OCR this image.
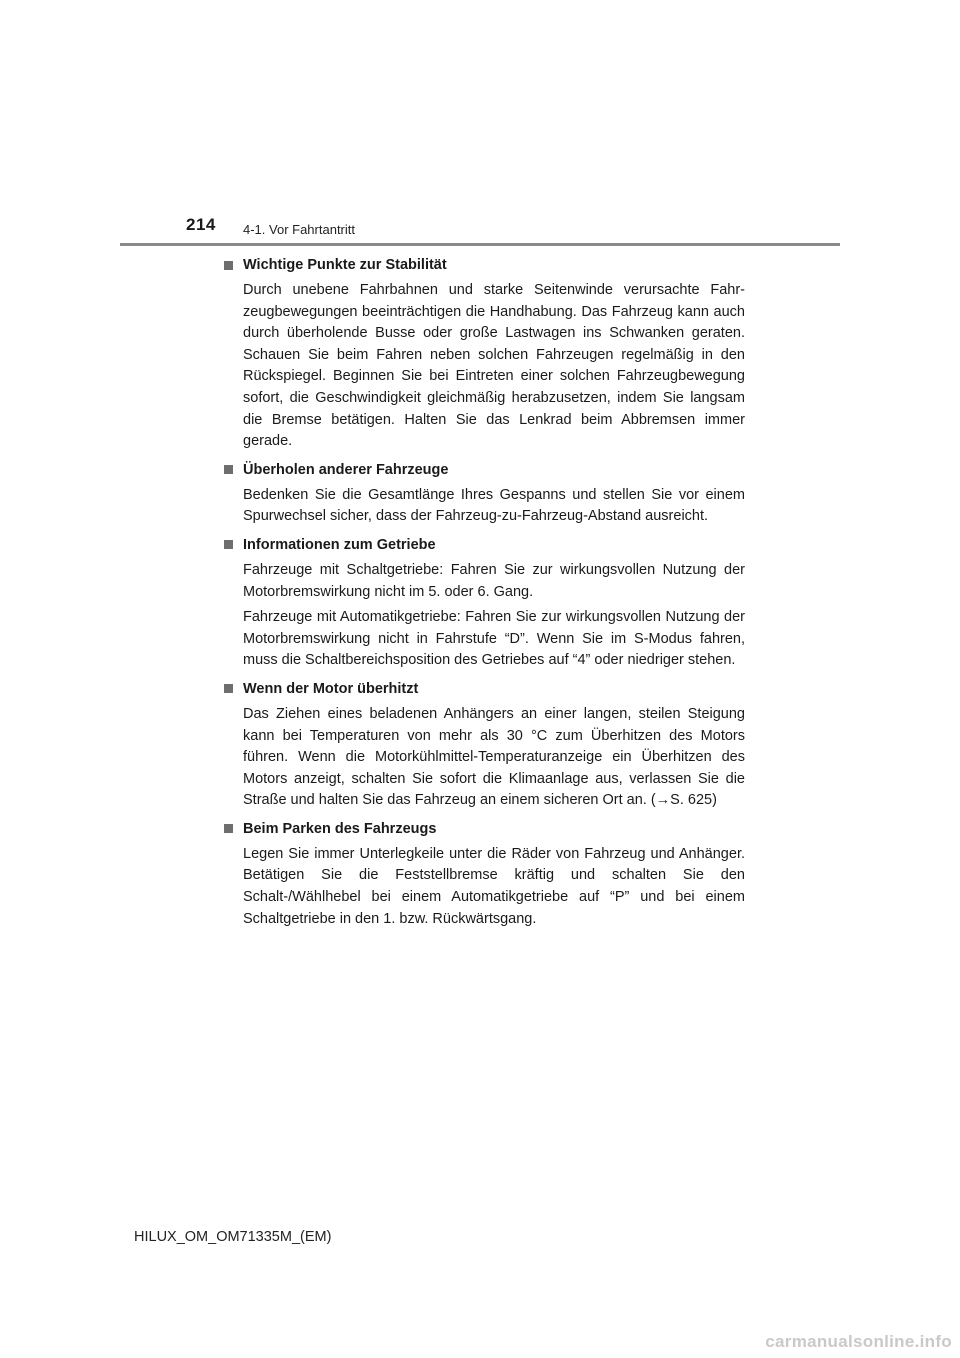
214 4-1. Vor Fahrtantritt
Wichtige Punkte zur Stabilität

Durch unebene Fahrbahnen und starke Seitenwinde verursachte Fahrzeugbewegungen beeinträchtigen die Handhabung. Das Fahrzeug kann auch durch überholende Busse oder große Lastwagen ins Schwanken geraten. Schauen Sie beim Fahren neben solchen Fahrzeugen regelmäßig in den Rückspiegel. Beginnen Sie bei Eintreten einer solchen Fahrzeugbewegung sofort, die Geschwindigkeit gleichmäßig herabzusetzen, indem Sie langsam die Bremse betätigen. Halten Sie das Lenkrad beim Abbremsen immer gerade.

Überholen anderer Fahrzeuge

Bedenken Sie die Gesamtlänge Ihres Gespanns und stellen Sie vor einem Spurwechsel sicher, dass der Fahrzeug-zu-Fahrzeug-Abstand ausreicht.

Informationen zum Getriebe

Fahrzeuge mit Schaltgetriebe: Fahren Sie zur wirkungsvollen Nutzung der Motorbremswirkung nicht im 5. oder 6. Gang.

Fahrzeuge mit Automatikgetriebe: Fahren Sie zur wirkungsvollen Nutzung der Motorbremswirkung nicht in Fahrstufe “D”. Wenn Sie im S-Modus fahren, muss die Schaltbereichsposition des Getriebes auf “4” oder niedriger stehen.

Wenn der Motor überhitzt

Das Ziehen eines beladenen Anhängers an einer langen, steilen Steigung kann bei Temperaturen von mehr als 30 °C zum Überhitzen des Motors führen. Wenn die Motorkühlmittel-Temperaturanzeige ein Überhitzen des Motors anzeigt, schalten Sie sofort die Klimaanlage aus, verlassen Sie die Straße und halten Sie das Fahrzeug an einem sicheren Ort an. (→S. 625)

Beim Parken des Fahrzeugs

Legen Sie immer Unterlegkeile unter die Räder von Fahrzeug und Anhänger. Betätigen Sie die Feststellbremse kräftig und schalten Sie den Schalt-/Wählhebel bei einem Automatikgetriebe auf “P” und bei einem Schaltgetriebe in den 1. bzw. Rückwärtsgang.

HILUX_OM_OM71335M_(EM)
carmanualsonline.info
